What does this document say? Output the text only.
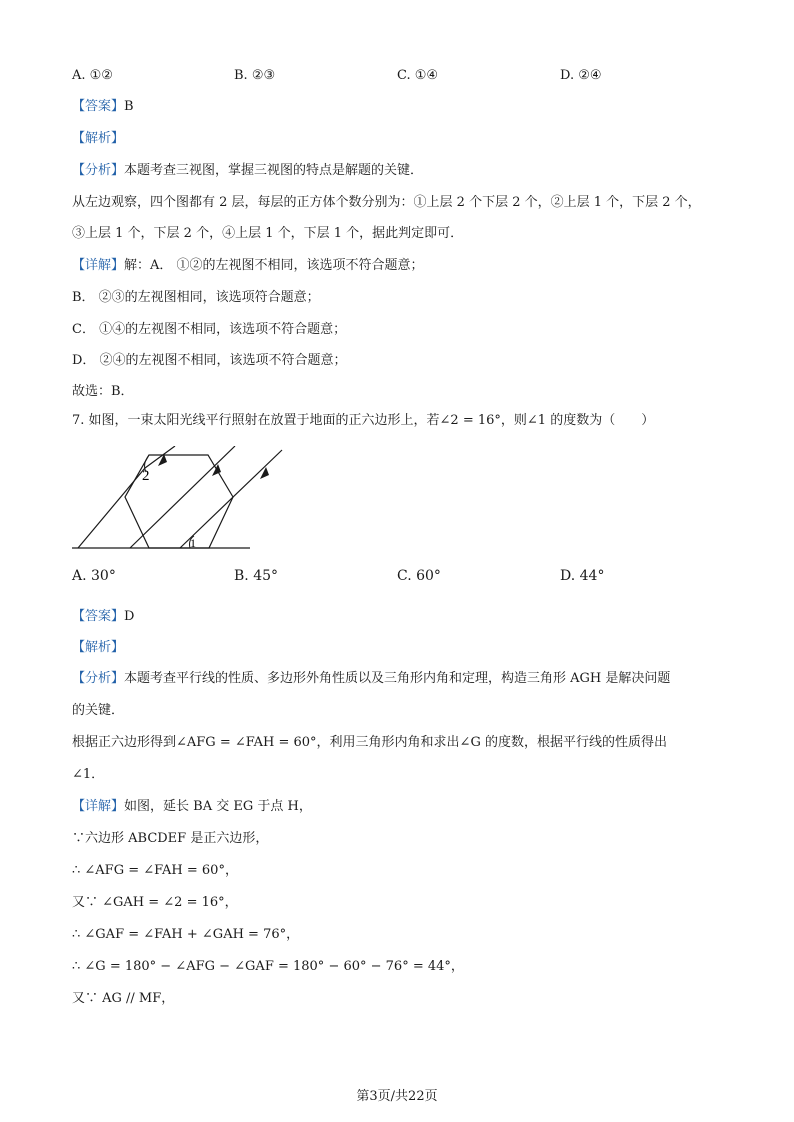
A. ①②	B. ②③	C. ①④	D. ②④
【答案】B
【解析】
【分析】本题考查三视图，掌握三视图的特点是解题的关键．
从左边观察，四个图都有 2 层，每层的正方体个数分别为：①上层 2 个下层 2 个，②上层 1 个，下层 2 个，
③上层 1 个，下层 2 个，④上层 1 个，下层 1 个，据此判定即可．
【详解】解：A． ①②的左视图不相同，该选项不符合题意；
B． ②③的左视图相同，该选项符合题意；
C． ①④的左视图不相同，该选项不符合题意；
D． ②④的左视图不相同，该选项不符合题意；
故选：B．
7. 如图，一束太阳光线平行照射在放置于地面的正六边形上，若∠2 = 16°，则∠1 的度数为（　　）
2
1
A. 30°	B. 45°	C. 60°	D. 44°
【答案】D
【解析】
【分析】本题考查平行线的性质、多边形外角性质以及三角形内角和定理，构造三角形 AGH 是解决问题
的关键．
根据正六边形得到∠AFG = ∠FAH = 60°，利用三角形内角和求出∠G 的度数，根据平行线的性质得出
∠1．
【详解】如图，延长 BA 交 EG 于点 H，
∵六边形 ABCDEF 是正六边形，
∴ ∠AFG = ∠FAH = 60°，
又∵ ∠GAH = ∠2 = 16°，
∴ ∠GAF = ∠FAH + ∠GAH = 76°，
∴ ∠G = 180° − ∠AFG − ∠GAF = 180° − 60° − 76° = 44°，
又∵ AG // MF，
第3页/共22页
